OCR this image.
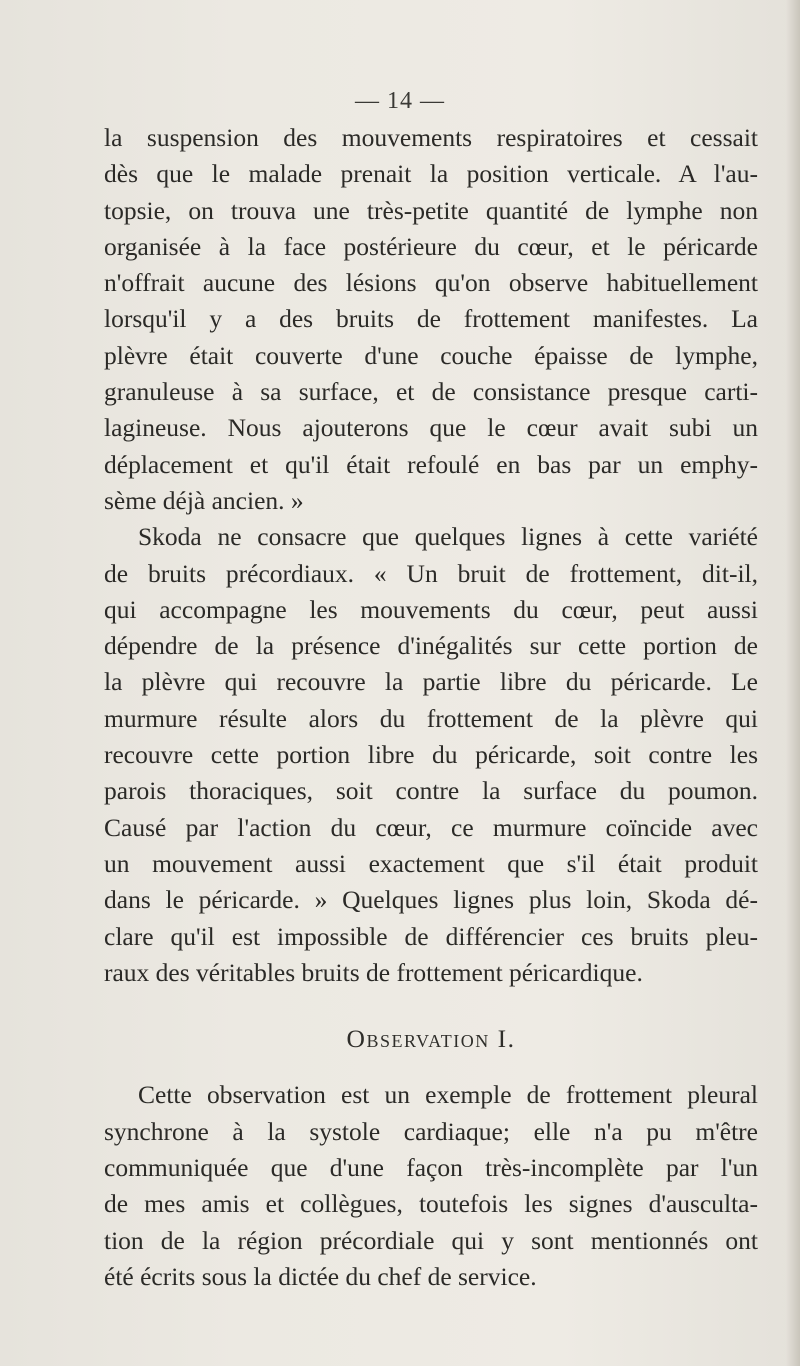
— 14 —
la suspension des mouvements respiratoires et cessait
dès que le malade prenait la position verticale. A l'au-
topsie, on trouva une très-petite quantité de lymphe non
organisée à la face postérieure du cœur, et le péricarde
n'offrait aucune des lésions qu'on observe habituellement
lorsqu'il y a des bruits de frottement manifestes. La
plèvre était couverte d'une couche épaisse de lymphe,
granuleuse à sa surface, et de consistance presque carti-
lagineuse. Nous ajouterons que le cœur avait subi un
déplacement et qu'il était refoulé en bas par un emphy-
sème déjà ancien. »
Skoda ne consacre que quelques lignes à cette variété
de bruits précordiaux. « Un bruit de frottement, dit-il,
qui accompagne les mouvements du cœur, peut aussi
dépendre de la présence d'inégalités sur cette portion de
la plèvre qui recouvre la partie libre du péricarde. Le
murmure résulte alors du frottement de la plèvre qui
recouvre cette portion libre du péricarde, soit contre les
parois thoraciques, soit contre la surface du poumon.
Causé par l'action du cœur, ce murmure coïncide avec
un mouvement aussi exactement que s'il était produit
dans le péricarde. » Quelques lignes plus loin, Skoda dé-
clare qu'il est impossible de différencier ces bruits pleu-
raux des véritables bruits de frottement péricardique.
Observation I.
Cette observation est un exemple de frottement pleural
synchrone à la systole cardiaque; elle n'a pu m'être
communiquée que d'une façon très-incomplète par l'un
de mes amis et collègues, toutefois les signes d'ausculta-
tion de la région précordiale qui y sont mentionnés ont
été écrits sous la dictée du chef de service.
